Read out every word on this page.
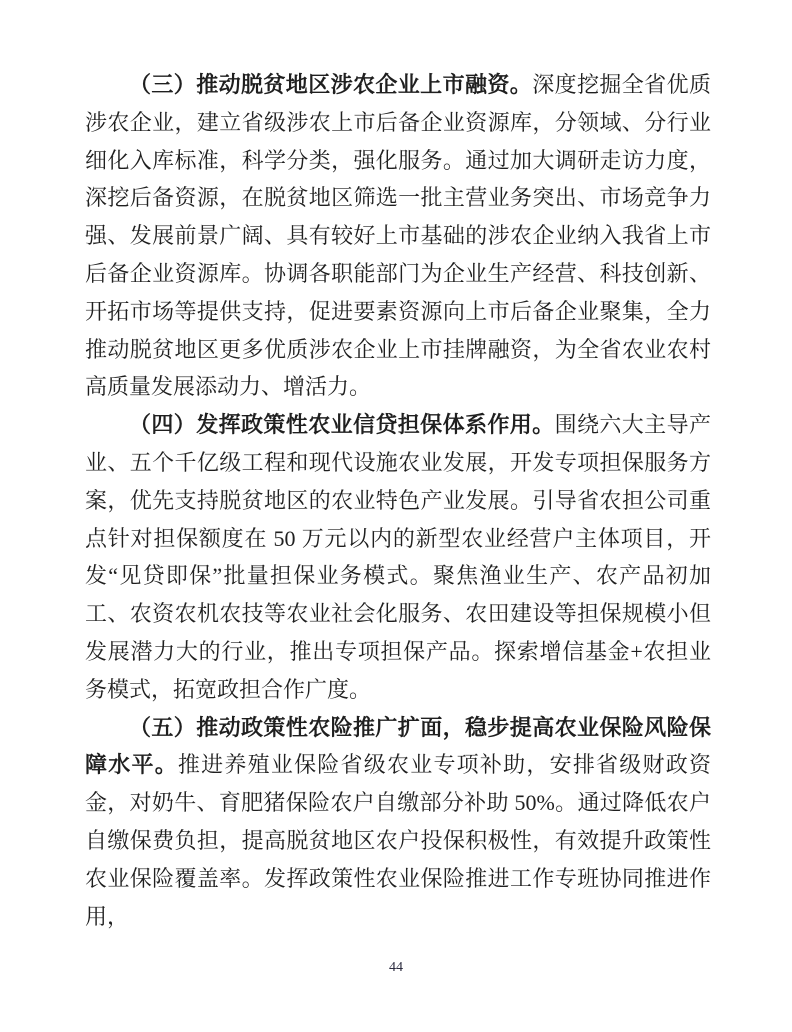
（三）推动脱贫地区涉农企业上市融资。深度挖掘全省优质涉农企业，建立省级涉农上市后备企业资源库，分领域、分行业细化入库标准，科学分类，强化服务。通过加大调研走访力度，深挖后备资源，在脱贫地区筛选一批主营业务突出、市场竞争力强、发展前景广阔、具有较好上市基础的涉农企业纳入我省上市后备企业资源库。协调各职能部门为企业生产经营、科技创新、开拓市场等提供支持，促进要素资源向上市后备企业聚集，全力推动脱贫地区更多优质涉农企业上市挂牌融资，为全省农业农村高质量发展添动力、增活力。

（四）发挥政策性农业信贷担保体系作用。围绕六大主导产业、五个千亿级工程和现代设施农业发展，开发专项担保服务方案，优先支持脱贫地区的农业特色产业发展。引导省农担公司重点针对担保额度在 50 万元以内的新型农业经营户主体项目，开发“见贷即保”批量担保业务模式。聚焦渔业生产、农产品初加工、农资农机农技等农业社会化服务、农田建设等担保规模小但发展潜力大的行业，推出专项担保产品。探索增信基金+农担业务模式，拓宽政担合作广度。

（五）推动政策性农险推广扩面，稳步提高农业保险风险保障水平。推进养殖业保险省级农业专项补助，安排省级财政资金，对奶牛、育肥猪保险农户自缴部分补助 50%。通过降低农户自缴保费负担，提高脱贫地区农户投保积极性，有效提升政策性农业保险覆盖率。发挥政策性农业保险推进工作专班协同推进作用，

44
